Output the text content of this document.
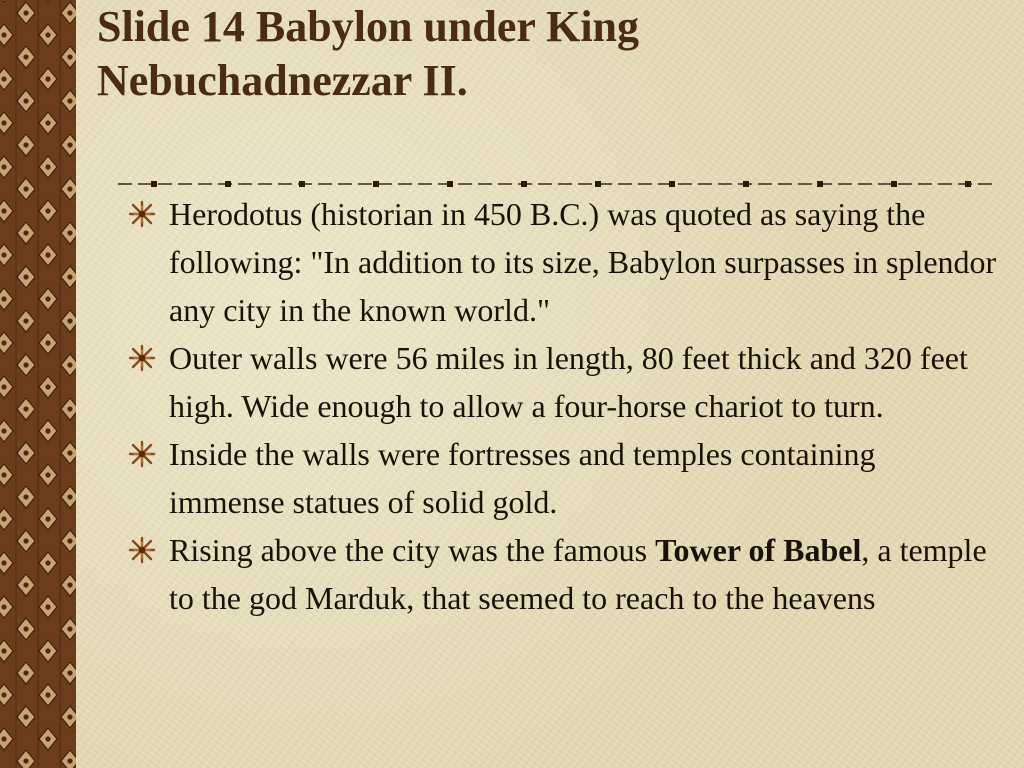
Slide 14 Babylon under King
Nebuchadnezzar II.
Herodotus (historian in 450 B.C.) was quoted as saying the following: "In addition to its size, Babylon surpasses in splendor any city in the known world."
Outer walls were 56 miles in length, 80 feet thick and 320 feet high. Wide enough to allow a four-horse chariot to turn.
Inside the walls were fortresses and temples containing immense statues of solid gold.
Rising above the city was the famous Tower of Babel, a temple to the god Marduk, that seemed to reach to the heavens
